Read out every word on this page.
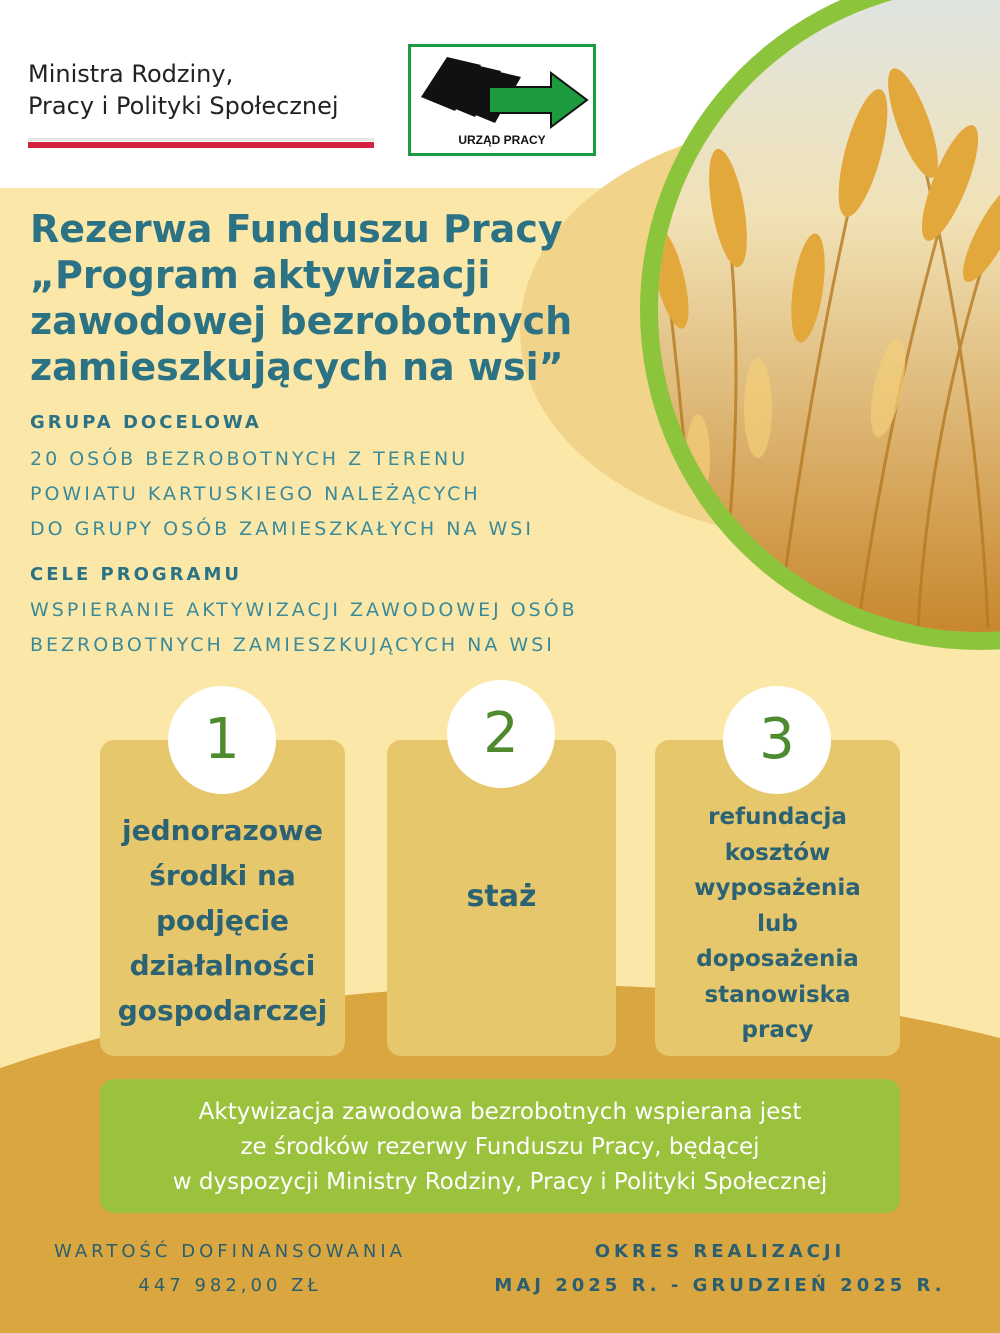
Ministra Rodziny,
Pracy i Polityki Społecznej
URZĄD PRACY
Rezerwa Funduszu Pracy
„Program aktywizacji
zawodowej bezrobotnych
zamieszkujących na wsi”
GRUPA DOCELOWA
20 OSÓB BEZROBOTNYCH Z TERENU
POWIATU KARTUSKIEGO NALEŻĄCYCH
DO GRUPY OSÓB ZAMIESZKAŁYCH NA WSI
CELE PROGRAMU
WSPIERANIE AKTYWIZACJI ZAWODOWEJ OSÓB
BEZROBOTNYCH ZAMIESZKUJĄCYCH NA WSI
jednorazowe
środki na
podjęcie
działalności
gospodarczej
staż
refundacja
kosztów
wyposażenia
lub
doposażenia
stanowiska
pracy
1	2	3
Aktywizacja zawodowa bezrobotnych wspierana jest
ze środków rezerwy Funduszu Pracy, będącej
w dyspozycji Ministry Rodziny, Pracy i Polityki Społecznej
WARTOŚĆ DOFINANSOWANIA
447 982,00 ZŁ
OKRES REALIZACJI
MAJ 2025 R. - GRUDZIEŃ 2025 R.
